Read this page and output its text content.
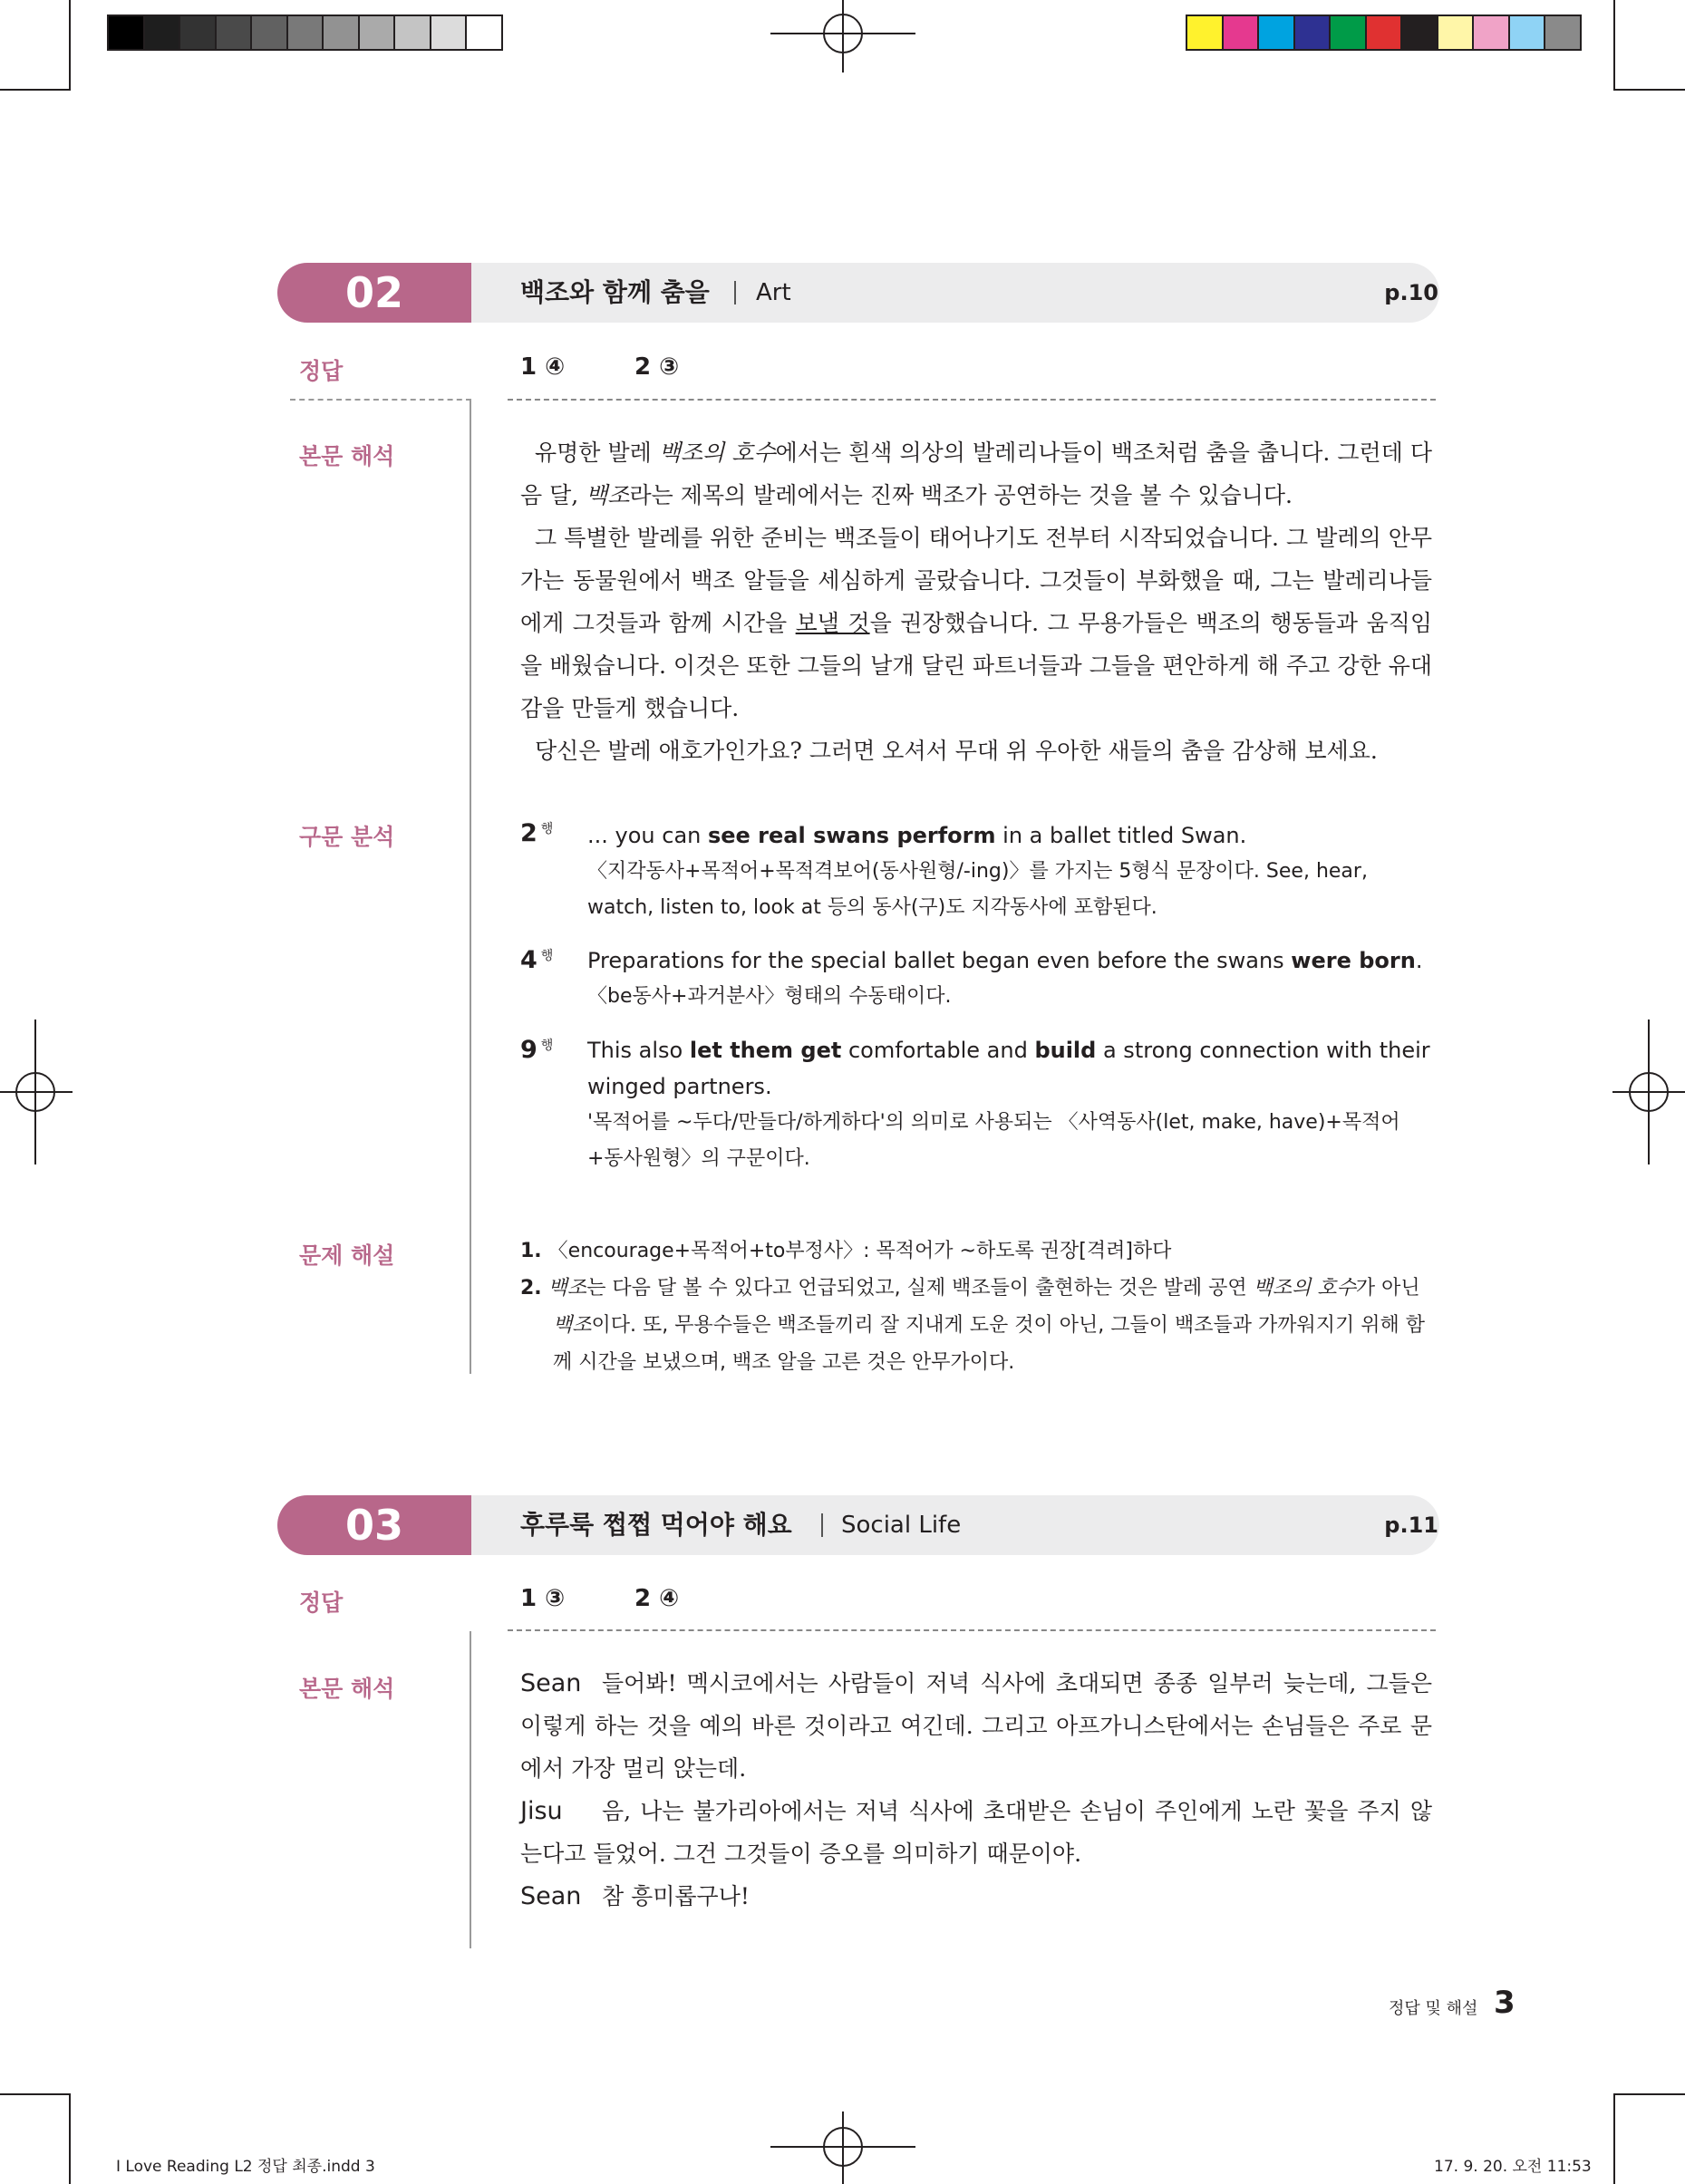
02	백조와 함께 춤을 Art	p.10
정답	1 ④	2 ③
본문 해석	유명한 발레 백조의 호수에서는 흰색 의상의 발레리나들이 백조처럼 춤을 춥니다. 그런데 다음 달, 백조라는 제목의 발레에서는 진짜 백조가 공연하는 것을 볼 수 있습니다.

그 특별한 발레를 위한 준비는 백조들이 태어나기도 전부터 시작되었습니다. 그 발레의 안무가는 동물원에서 백조 알들을 세심하게 골랐습니다. 그것들이 부화했을 때, 그는 발레리나들에게 그것들과 함께 시간을 보낼 것을 권장했습니다. 그 무용가들은 백조의 행동들과 움직임을 배웠습니다. 이것은 또한 그들의 날개 달린 파트너들과 그들을 편안하게 해 주고 강한 유대감을 만들게 했습니다.

당신은 발레 애호가인가요? 그러면 오셔서 무대 위 우아한 새들의 춤을 감상해 보세요.

구문 분석	2 $^행$ ... you can see real swans perform in a ballet titled Swan.
〈지각동사+목적어+목적격보어(동사원형/-ing)〉를 가지는 5형식 문장이다. See, hear, watch, listen to, look at 등의 동사(구)도 지각동사에 포함된다.
4 $^행$ Preparations for the special ballet began even before the swans were born.
〈be동사+과거분사〉형태의 수동태이다.
9 $^행$ This also let them get comfortable and build a strong connection with their winged partners.
'목적어를 ~두다/만들다/하게하다'의 의미로 사용되는 〈사역동사(let, make, have)+목적어+동사원형〉의 구문이다.
문제 해설	1. 〈encourage+목적어+to부정사〉: 목적어가 ~하도록 권장[격려]하다
2. 백조는 다음 달 볼 수 있다고 언급되었고, 실제 백조들이 출현하는 것은 발레 공연 백조의 호수가 아닌 백조이다. 또, 무용수들은 백조들끼리 잘 지내게 도운 것이 아닌, 그들이 백조들과 가까워지기 위해 함께 시간을 보냈으며, 백조 알을 고른 것은 안무가이다.
03	후루룩 쩝쩝 먹어야 해요 Social Life	p.11
정답	1 ③	2 ④
본문 해석	Sean 들어봐! 멕시코에서는 사람들이 저녁 식사에 초대되면 종종 일부러 늦는데, 그들은 이렇게 하는 것을 예의 바른 것이라고 여긴데. 그리고 아프가니스탄에서는 손님들은 주로 문에서 가장 멀리 앉는데.

Jisu 음, 나는 불가리아에서는 저녁 식사에 초대받은 손님이 주인에게 노란 꽃을 주지 않는다고 들었어. 그건 그것들이 증오를 의미하기 때문이야.

Sean 참 흥미롭구나!

정답 및 해설 3
I Love Reading L2 정답 최종.indd 3	17. 9. 20. 오전 11:53
